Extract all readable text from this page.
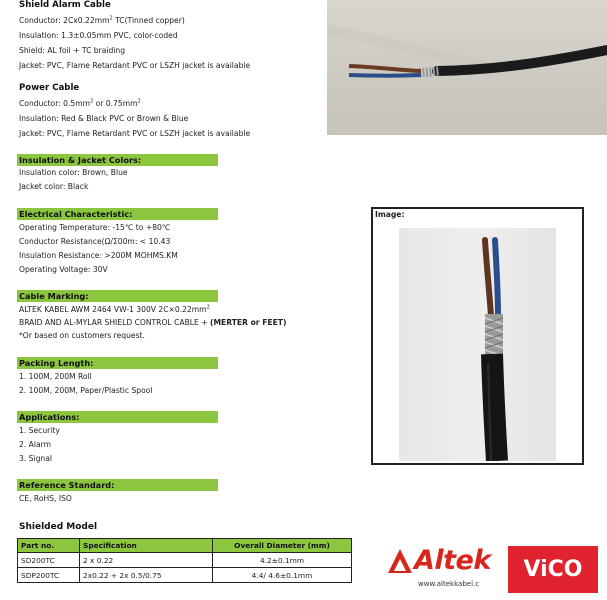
Shield Alarm Cable
Conductor: $2Cx0.22mm^2$ TC(Tinned copper)
Insulation: 1.3±0.05mm PVC, color-coded
Shield: AL foil + TC braiding
Jacket: PVC, Flame Retardant PVC or LSZH jacket is available
Power Cable
Conductor: $0.5mm^2$ or $0.75mm^2$
Insulation: Red & Black PVC or Brown & Blue
Jacket: PVC, Flame Retardant PVC or LSZH jacket is available
Insulation & Jacket Colors:
Insulation color: Brown, Blue
Jacket color: Black
Electrical Characteristic:
Operating Temperature: -15℃ to +80℃
Conductor Resistance(Ω/Σ00m: < 10.43
Insulation Resistance: >200M MOHMS.KM
Operating Voltage: 30V
Cable Marking:
ALTEK KABEL AWM 2464 VW-1 300V $2C\times 0.22mm^2$
BRAID AND AL-MYLAR SHIELD CONTROL CABLE + (MERTER or FEET)
*Or based on customers request.
Packing Length:
1. 100M, 200M Roll
2. 100M, 200M, Paper/Plastic Spool
Applications:
1. Security
2. Alarm
3. Signal
Reference Standard:
CE, RoHS, ISO
Shielded Model
Part no.	Specification	Overall Diameter (mm)
SD200TC	2 x 0.22	4.2±0.1mm
SDP200TC	2x0.22 + 2x 0.5/0.75	4.4/ 4.6±0.1mm
Image:
Altek
www.altekkabel.c
ViCO
